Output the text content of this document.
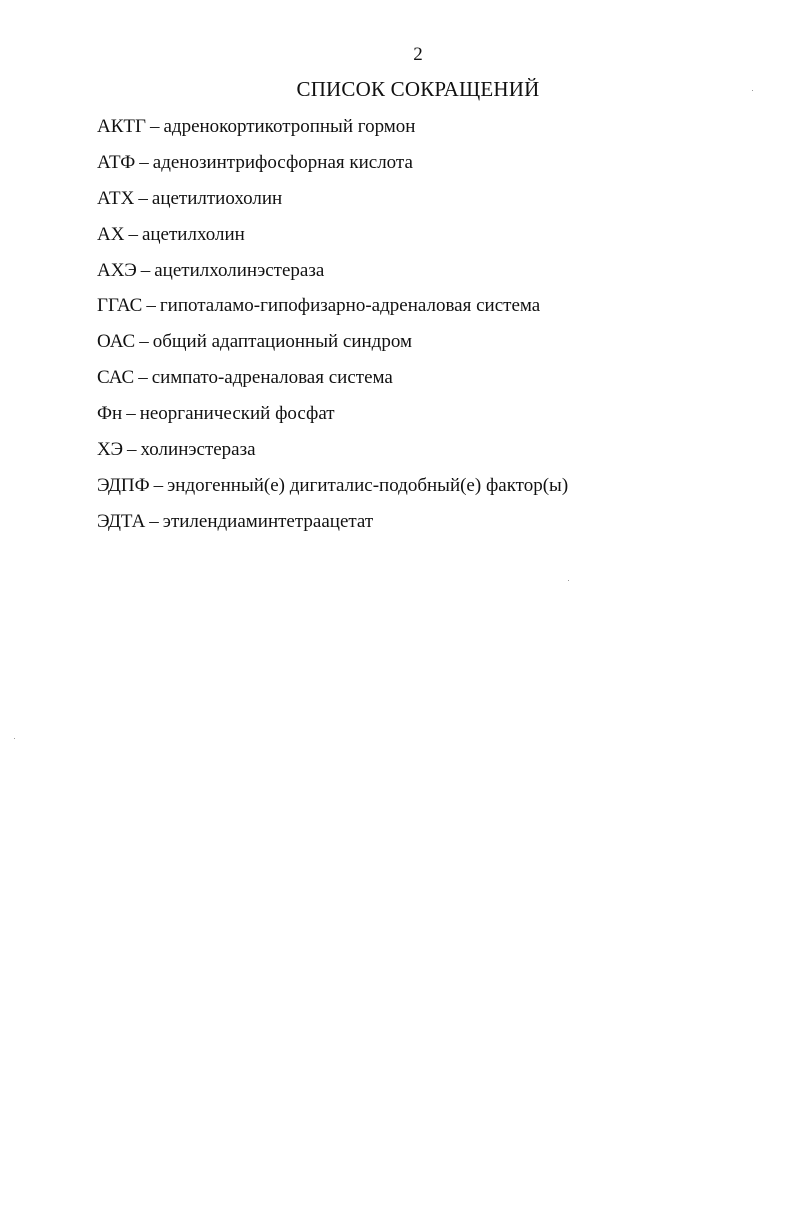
2
СПИСОК СОКРАЩЕНИЙ
АКТГ – адренокортикотропный гормон
АТФ – аденозинтрифосфорная кислота
АТХ – ацетилтиохолин
АХ – ацетилхолин
АХЭ – ацетилхолинэстераза
ГГАС – гипоталамо-гипофизарно-адреналовая система
ОАС – общий адаптационный синдром
САС – симпато-адреналовая система
Фн – неорганический фосфат
ХЭ – холинэстераза
ЭДПФ – эндогенный(е) дигиталис-подобный(е) фактор(ы)
ЭДТА – этилендиаминтетраацетат
